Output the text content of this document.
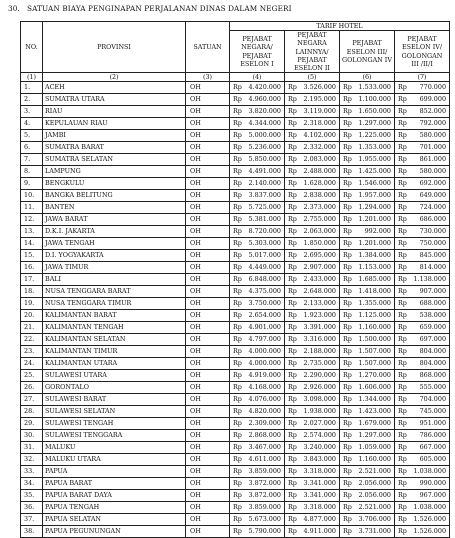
30. SATUAN BIAYA PENGINAPAN PERJALANAN DINAS DALAM NEGERI
NO.	PROVINSI	SATUAN	TARIF HOTEL			
			PEJABAT NEGARA/ PEJABAT ESELON I	PEJABAT NEGARA LAINNYA/ PEJABAT ESELON II	PEJABAT ESELON III/ GOLONGAN IV	PEJABAT ESELON IV/ GOLONGAN III /II/I
(1)	(2)	(3)	(4)	(5)	(6)	(7)
1.	ACEH	OH	Rp 4.420.000	Rp 3.526.000	Rp 1.533.000	Rp 770.000

2.	SUMATRA UTARA	OH	Rp 4.960.000	Rp 2.195.000	Rp 1.100.000	Rp 699.000

3.	RIAU	OH	Rp 3.820.000	Rp 3.119.000	Rp 1.650.000	Rp 852.000

4.	KEPULAUAN RIAU	OH	Rp 4.344.000	Rp 2.318.000	Rp 1.297.000	Rp 792.000

5.	JAMBI	OH	Rp 5.000.000	Rp 4.102.000	Rp 1.225.000	Rp 580.000

6.	SUMATRA BARAT	OH	Rp 5.236.000	Rp 2.332.000	Rp 1.353.000	Rp 701.000

7.	SUMATRA SELATAN	OH	Rp 5.850.000	Rp 2.083.000	Rp 1.955.000	Rp 861.000

8.	LAMPUNG	OH	Rp 4.491.000	Rp 2.488.000	Rp 1.425.000	Rp 580.000

9.	BENGKULU	OH	Rp 2.140.000	Rp 1.628.000	Rp 1.546.000	Rp 692.000

10.	BANGKA BELITUNG	OH	Rp 3.837.000	Rp 2.838.000	Rp 1.957.000	Rp 649.000

11.	BANTEN	OH	Rp 5.725.000	Rp 2.373.000	Rp 1.294.000	Rp 724.000

12.	JAWA BARAT	OH	Rp 5.381.000	Rp 2.755.000	Rp 1.201.000	Rp 686.000

13.	D.K.I. JAKARTA	OH	Rp 8.720.000	Rp 2.063.000	Rp 992.000	Rp 730.000

14.	JAWA TENGAH	OH	Rp 5.303.000	Rp 1.850.000	Rp 1.201.000	Rp 750.000

15.	D.I. YOGYAKARTA	OH	Rp 5.017.000	Rp 2.695.000	Rp 1.384.000	Rp 845.000

16.	JAWA TIMUR	OH	Rp 4.449.000	Rp 2.907.000	Rp 1.153.000	Rp 814.000

17.	BALI	OH	Rp 6.848.000	Rp 2.433.000	Rp 1.685.000	Rp 1.138.000

18.	NUSA TENGGARA BARAT	OH	Rp 4.375.000	Rp 2.648.000	Rp 1.418.000	Rp 907.000

19.	NUSA TENGGARA TIMUR	OH	Rp 3.750.000	Rp 2.133.000	Rp 1.355.000	Rp 688.000

20.	KALIMANTAN BARAT	OH	Rp 2.654.000	Rp 1.923.000	Rp 1.125.000	Rp 538.000

21.	KALIMANTAN TENGAH	OH	Rp 4.901.000	Rp 3.391.000	Rp 1.160.000	Rp 659.000

22.	KALIMANTAN SELATAN	OH	Rp 4.797.000	Rp 3.316.000	Rp 1.500.000	Rp 697.000

23.	KALIMANTAN TIMUR	OH	Rp 4.000.000	Rp 2.188.000	Rp 1.507.000	Rp 804.000

24.	KALIMANTAN UTARA	OH	Rp 4.000.000	Rp 2.735.000	Rp 1.507.000	Rp 804.000

25.	SULAWESI UTARA	OH	Rp 4.919.000	Rp 2.290.000	Rp 1.270.000	Rp 868.000

26.	GORONTALO	OH	Rp 4.168.000	Rp 2.926.000	Rp 1.606.000	Rp 555.000

27.	SULAWESI BARAT	OH	Rp 4.076.000	Rp 3.098.000	Rp 1.344.000	Rp 704.000

28.	SULAWESI SELATAN	OH	Rp 4.820.000	Rp 1.938.000	Rp 1.423.000	Rp 745.000

29.	SULAWESI TENGAH	OH	Rp 2.309.000	Rp 2.027.000	Rp 1.679.000	Rp 951.000

30.	SULAWESI TENGGARA	OH	Rp 2.868.000	Rp 2.574.000	Rp 1.297.000	Rp 786.000

31.	MALUKU	OH	Rp 3.467.000	Rp 3.240.000	Rp 1.059.000	Rp 667.000

32.	MALUKU UTARA	OH	Rp 4.611.000	Rp 3.843.000	Rp 1.160.000	Rp 605.000

33.	PAPUA	OH	Rp 3.859.000	Rp 3.318.000	Rp 2.521.000	Rp 1.038.000

34.	PAPUA BARAT	OH	Rp 3.872.000	Rp 3.341.000	Rp 2.056.000	Rp 990.000

35.	PAPUA BARAT DAYA	OH	Rp 3.872.000	Rp 3.341.000	Rp 2.056.000	Rp 967.000

36.	PAPUA TENGAH	OH	Rp 3.859.000	Rp 3.318.000	Rp 2.521.000	Rp 1.038.000

37.	PAPUA SELATAN	OH	Rp 5.673.000	Rp 4.877.000	Rp 3.706.000	Rp 1.526.000

38.	PAPUA PEGUNUNGAN	OH	Rp 5.790.000	Rp 4.911.000	Rp 3.731.000	Rp 1.526.000
